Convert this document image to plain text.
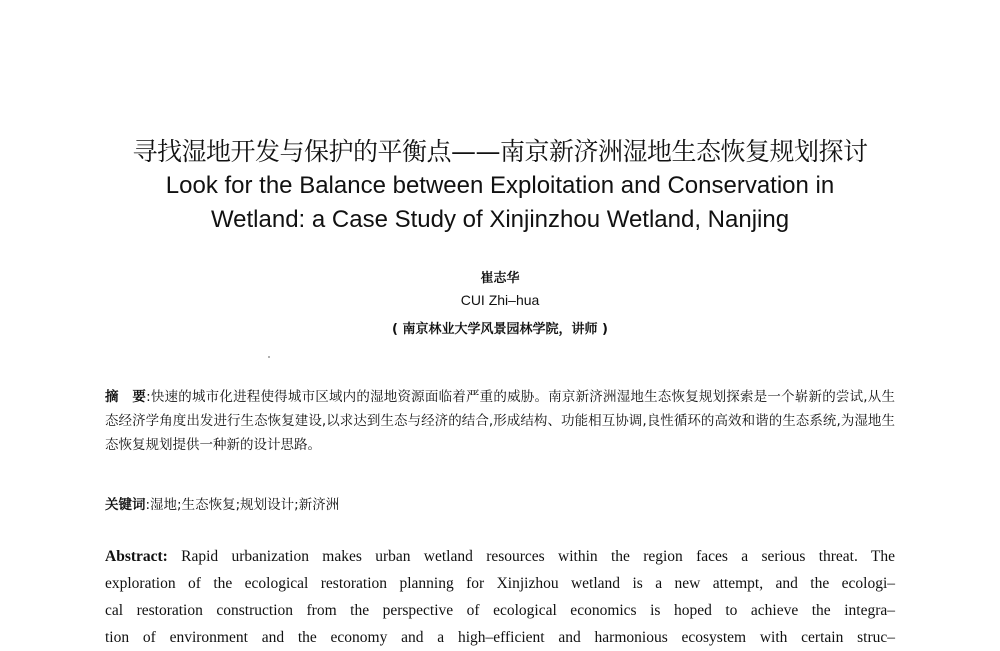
寻找湿地开发与保护的平衡点——南京新济洲湿地生态恢复规划探讨
Look for the Balance between Exploitation and Conservation in
Wetland: a Case Study of Xinjinzhou Wetland, Nanjing
崔志华
CUI Zhi–hua
( 南京林业大学风景园林学院，讲师 )
摘　要:快速的城市化进程使得城市区域内的湿地资源面临着严重的威胁。南京新济洲湿地生态恢复规划探索是一个崭新的尝试,从生态经济学角度出发进行生态恢复建设,以求达到生态与经济的结合,形成结构、功能相互协调,良性循环的高效和谐的生态系统,为湿地生态恢复规划提供一种新的设计思路。
关键词:湿地;生态恢复;规划设计;新济洲
Abstract: Rapid urbanization makes urban wetland resources within the region faces a serious threat. The
exploration of the ecological restoration planning for Xinjizhou wetland is a new attempt, and the ecologi–
cal restoration construction from the perspective of ecological economics is hoped to achieve the integra–
tion of environment and the economy and a high–efficient and harmonious ecosystem with certain struc–
